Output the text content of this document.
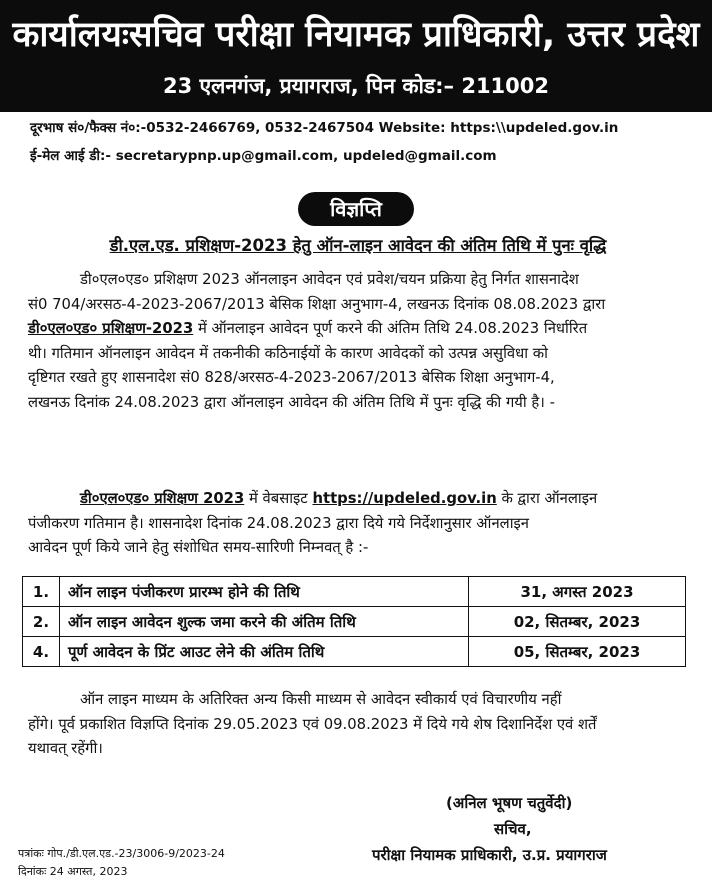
कार्यालयःसचिव परीक्षा नियामक प्राधिकारी, उत्तर प्रदेश
23 एलनगंज, प्रयागराज, पिन कोड:– 211002
दूरभाष सं०/फैक्स नं०:-0532-2466769, 0532-2467504 Website: https:\\updeled.gov.in
ई-मेल आई डी:- secretarypnp.up@gmail.com, updeled@gmail.com
विज्ञप्ति
डी.एल.एड. प्रशिक्षण-2023 हेतु ऑन-लाइन आवेदन की अंतिम तिथि में पुनः वृद्धि
डी०एल०एड० प्रशिक्षण 2023 ऑनलाइन आवेदन एवं प्रवेश/चयन प्रक्रिया हेतु निर्गत शासनादेश
सं0 704/अरसठ-4-2023-2067/2013 बेसिक शिक्षा अनुभाग-4, लखनऊ दिनांक 08.08.2023 द्वारा
डी०एल०एड० प्रशिक्षण-2023 में ऑनलाइन आवेदन पूर्ण करने की अंतिम तिथि 24.08.2023 निर्धारित
थी। गतिमान ऑनलाइन आवेदन में तकनीकी कठिनाईयों के कारण आवेदकों को उत्पन्न असुविधा को
दृष्टिगत रखते हुए शासनादेश सं0 828/अरसठ-4-2023-2067/2013 बेसिक शिक्षा अनुभाग-4,
लखनऊ दिनांक 24.08.2023 द्वारा ऑनलाइन आवेदन की अंतिम तिथि में पुनः वृद्धि की गयी है। -
डी०एल०एड० प्रशिक्षण 2023 में वेबसाइट https://updeled.gov.in के द्वारा ऑनलाइन
पंजीकरण गतिमान है। शासनादेश दिनांक 24.08.2023 द्वारा दिये गये निर्देशानुसार ऑनलाइन
आवेदन पूर्ण किये जाने हेतु संशोधित समय-सारिणी निम्नवत् है :-
1.	ऑन लाइन पंजीकरण प्रारम्भ होने की तिथि	31, अगस्त 2023
2.	ऑन लाइन आवेदन शुल्क जमा करने की अंतिम तिथि	02, सितम्बर, 2023
4.	पूर्ण आवेदन के प्रिंट आउट लेने की अंतिम तिथि	05, सितम्बर, 2023
ऑन लाइन माध्यम के अतिरिक्त अन्य किसी माध्यम से आवेदन स्वीकार्य एवं विचारणीय नहीं
होंगे। पूर्व प्रकाशित विज्ञप्ति दिनांक 29.05.2023 एवं 09.08.2023 में दिये गये शेष दिशानिर्देश एवं शर्तें
यथावत् रहेंगी।
(अनिल भूषण चतुर्वेदी)
सचिव,
परीक्षा नियामक प्राधिकारी, उ.प्र. प्रयागराज
पत्रांकः गोप./डी.एल.एड.-23/3006-9/2023-24
दिनांकः 24 अगस्त, 2023
